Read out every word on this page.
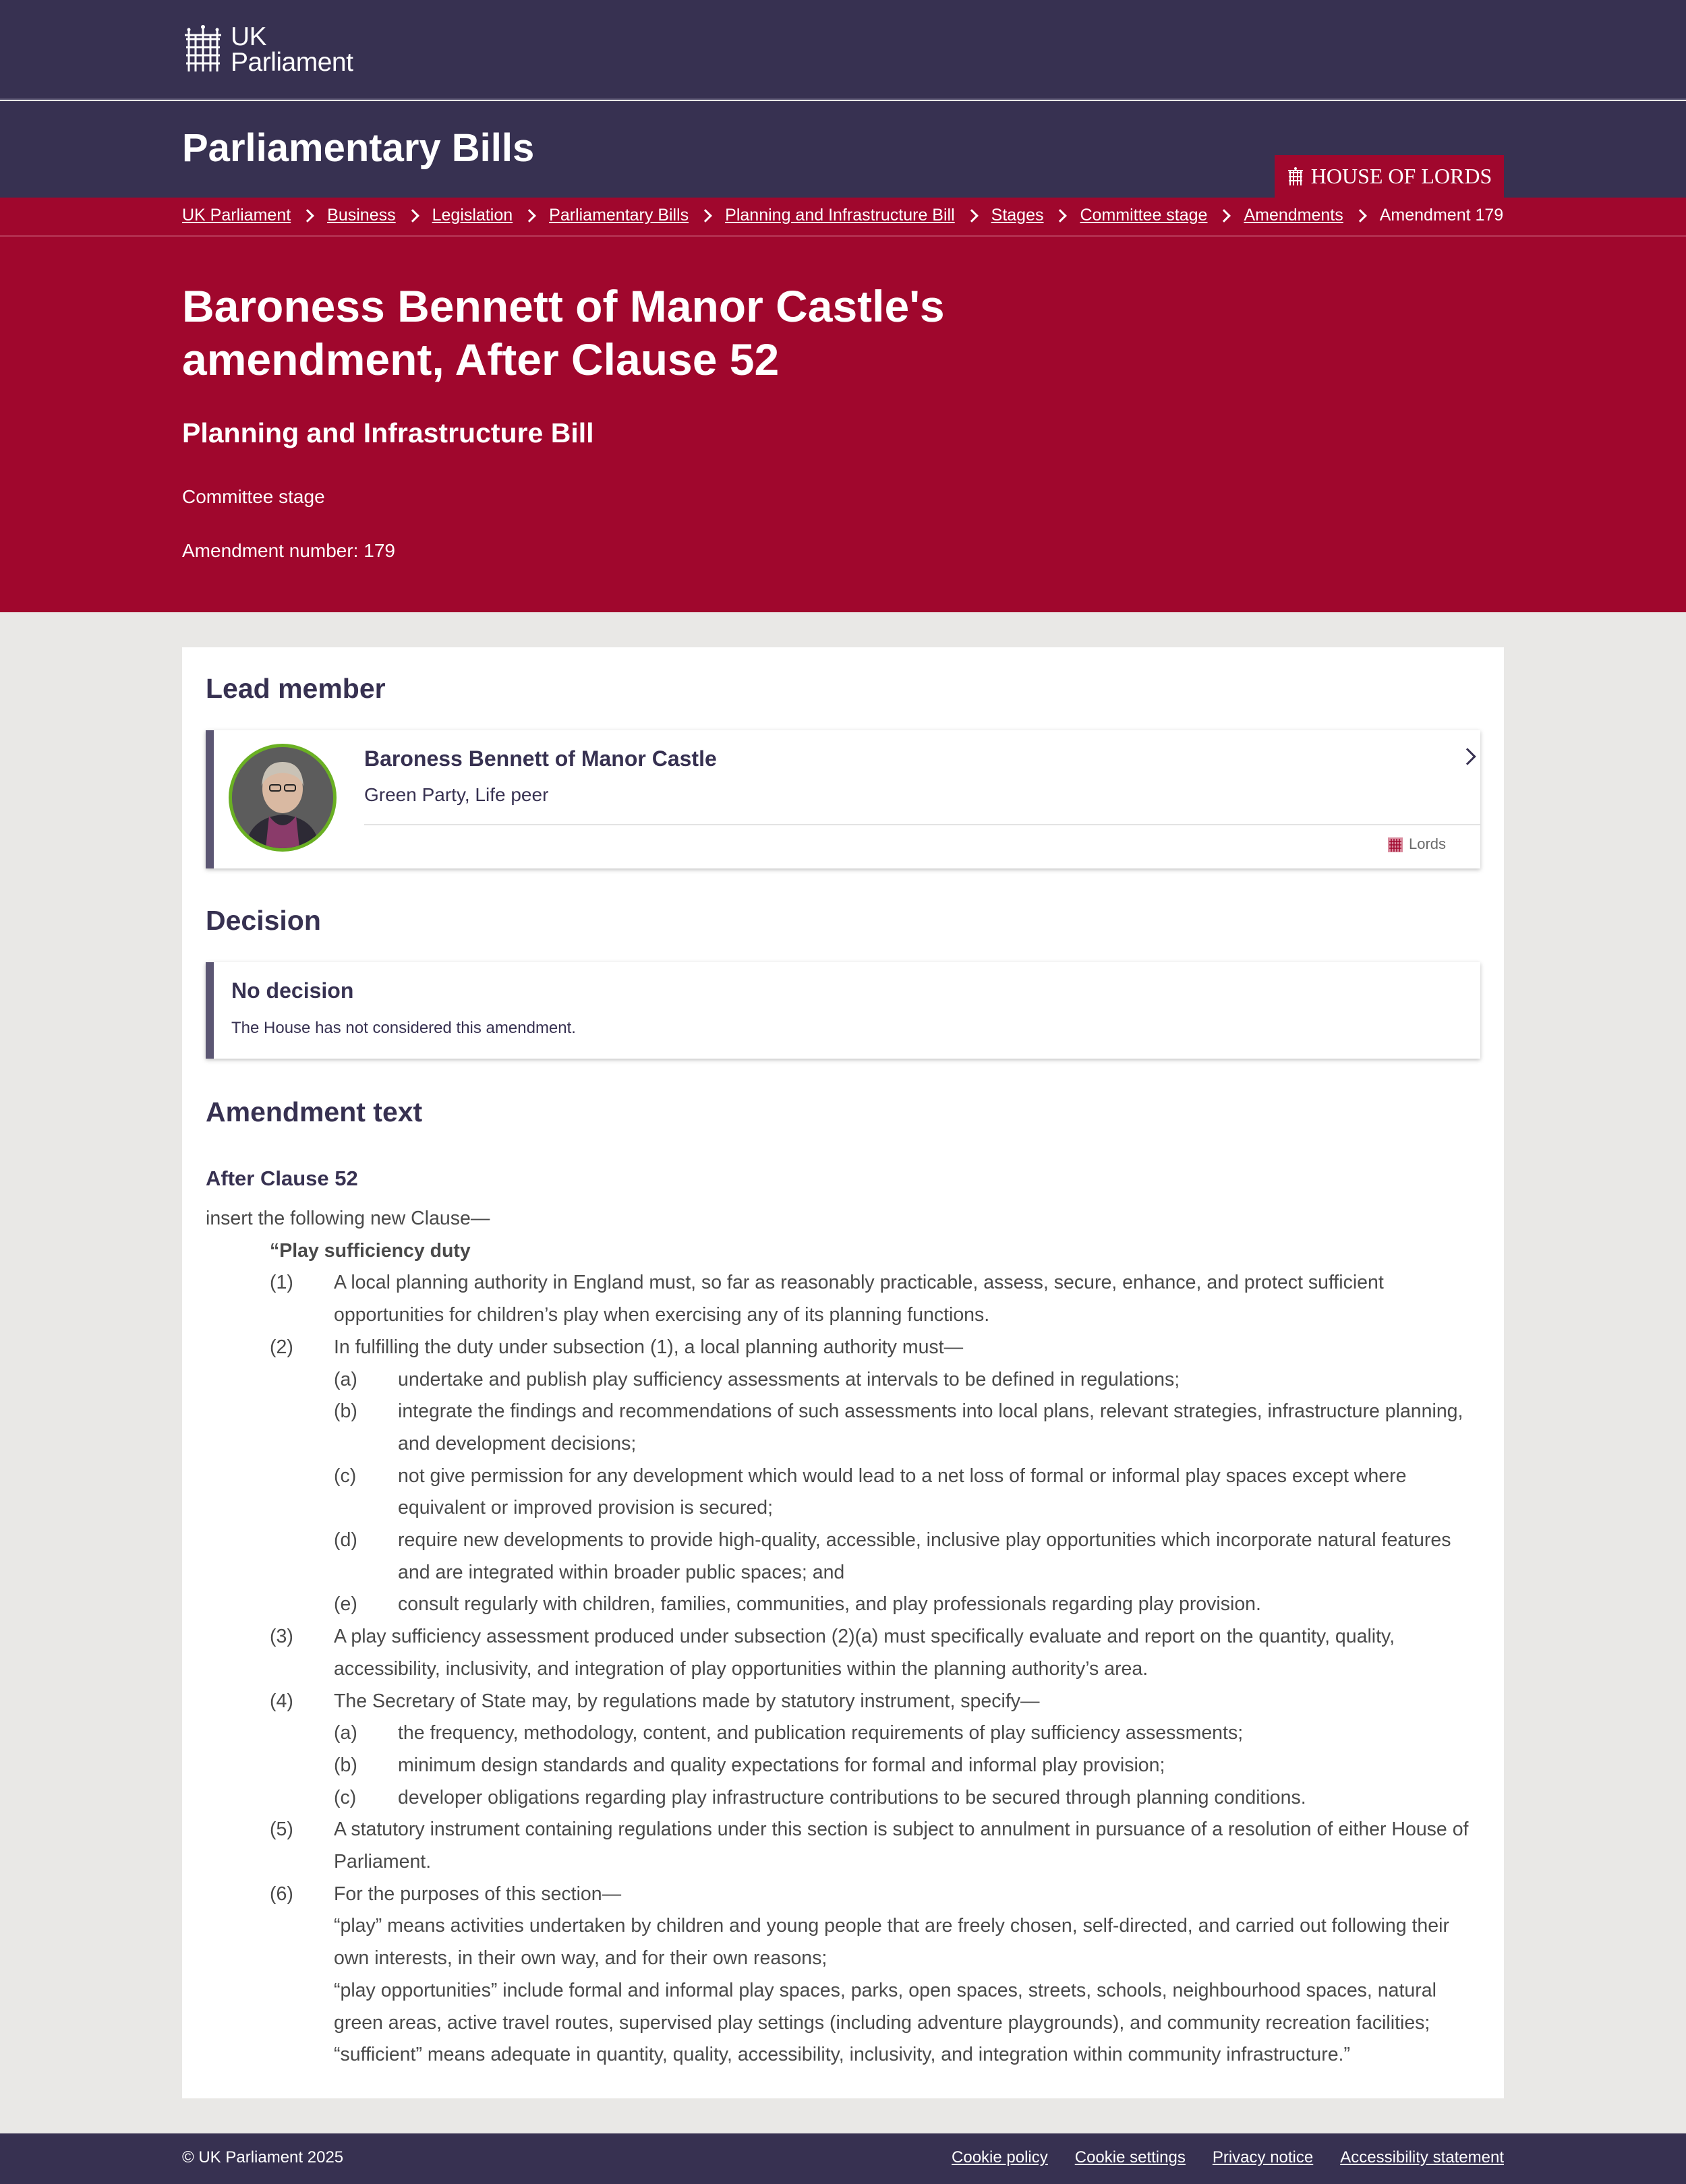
UK
Parliament
Parliamentary Bills
HOUSE OF LORDS
UK Parliament Business Legislation Parliamentary Bills Planning and Infrastructure Bill Stages Committee stage Amendments Amendment 179
Baroness Bennett of Manor Castle's amendment, After Clause 52
Planning and Infrastructure Bill
Committee stage
Amendment number: 179
Lead member
Baroness Bennett of Manor Castle
Green Party, Life peer
Lords
Decision
No decision
The House has not considered this amendment.
Amendment text
After Clause 52
insert the following new Clause—
“Play sufficiency duty
(1)	A local planning authority in England must, so far as reasonably practicable, assess, secure, enhance, and protect sufficient opportunities for children’s play when exercising any of its planning functions.
(2)	In fulfilling the duty under subsection (1), a local planning authority must—
(a)	undertake and publish play sufficiency assessments at intervals to be defined in regulations;
(b)	integrate the findings and recommendations of such assessments into local plans, relevant strategies, infrastructure planning, and development decisions;
(c)	not give permission for any development which would lead to a net loss of formal or informal play spaces except where equivalent or improved provision is secured;
(d)	require new developments to provide high-quality, accessible, inclusive play opportunities which incorporate natural features and are integrated within broader public spaces; and
(e)	consult regularly with children, families, communities, and play professionals regarding play provision.
(3)	A play sufficiency assessment produced under subsection (2)(a) must specifically evaluate and report on the quantity, quality, accessibility, inclusivity, and integration of play opportunities within the planning authority’s area.
(4)	The Secretary of State may, by regulations made by statutory instrument, specify—
(a)	the frequency, methodology, content, and publication requirements of play sufficiency assessments;
(b)	minimum design standards and quality expectations for formal and informal play provision;
(c)	developer obligations regarding play infrastructure contributions to be secured through planning conditions.
(5)	A statutory instrument containing regulations under this section is subject to annulment in pursuance of a resolution of either House of Parliament.
(6)	For the purposes of this section—
“play” means activities undertaken by children and young people that are freely chosen, self-directed, and carried out following their own interests, in their own way, and for their own reasons;
“play opportunities” include formal and informal play spaces, parks, open spaces, streets, schools, neighbourhood spaces, natural green areas, active travel routes, supervised play settings (including adventure playgrounds), and community recreation facilities;
“sufficient” means adequate in quantity, quality, accessibility, inclusivity, and integration within community infrastructure.”
© UK Parliament 2025	Cookie policy Cookie settings Privacy notice Accessibility statement
